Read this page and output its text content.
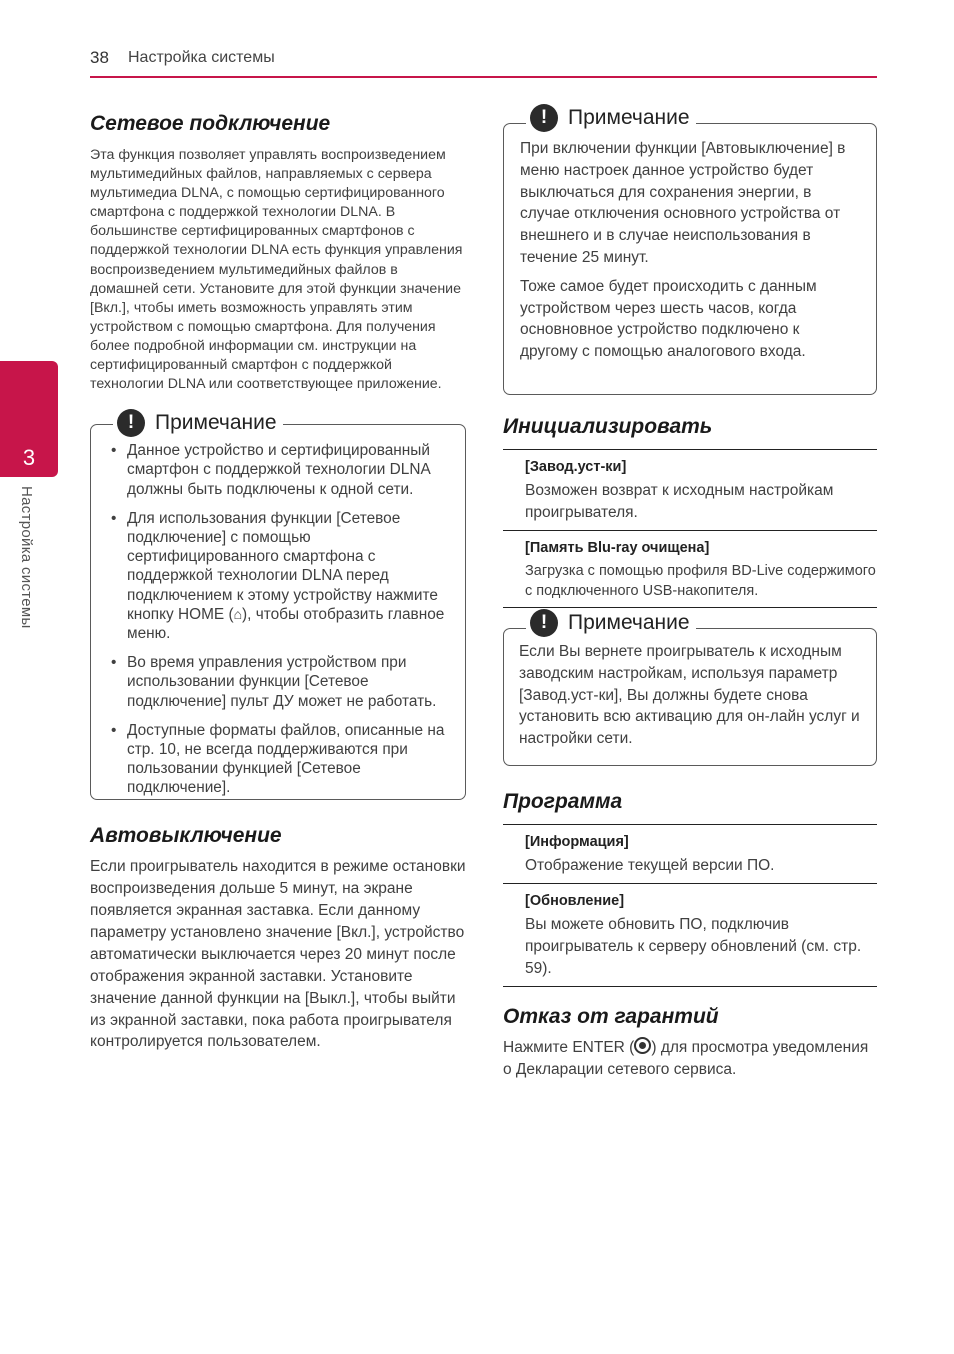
38 Настройка системы
3
Настройка системы
Сетевое подключение

Эта функция позволяет управлять воспроизведением мультимедийных файлов, направляемых с сервера мультимедиа DLNA, с помощью сертифицированного смартфона с поддержкой технологии DLNA. В большинстве сертифицированных смартфонов с поддержкой технологии DLNA есть функция управления воспроизведением мультимедийных файлов в домашней сети. Установите для этой функции значение [Вкл.], чтобы иметь возможность управлять этим устройством с помощью смартфона. Для получения более подробной информации см. инструкции на сертифицированный смартфон с поддержкой технологии DLNA или соответствующее приложение.

! Примечание
• Данное устройство и сертифицированный смартфон с поддержкой технологии DLNA должны быть подключены к одной сети.
• Для использования функции [Сетевое подключение] с помощью сертифицированного смартфона с поддержкой технологии DLNA перед подключением к этому устройству нажмите кнопку HOME (⌂), чтобы отобразить главное меню.
• Во время управления устройством при использовании функции [Сетевое подключение] пульт ДУ может не работать.
• Доступные форматы файлов, описанные на стр. 10, не всегда поддерживаются при пользовании функцией [Сетевое подключение].
Автовыключение

Если проигрыватель находится в режиме остановки воспроизведения дольше 5 минут, на экране появляется экранная заставка. Если данному параметру установлено значение [Вкл.], устройство автоматически выключается через 20 минут после отображения экранной заставки. Установите значение данной функции на [Выкл.], чтобы выйти из экранной заставки, пока работа проигрывателя контролируется пользователем.

! Примечание

При включении функции [Автовыключение] в меню настроек данное устройство будет выключаться для сохранения энергии, в случае отключения основного устройства от внешнего и в случае неиспользования в течение 25 минут.

Тоже самое будет происходить с данным устройством через шесть часов, когда основновное устройство подключено к другому с помощью аналогового входа.

Инициализировать
[Завод.уст-ки]
Возможен возврат к исходным настройкам проигрывателя.
[Память Blu-ray очищена]
Загрузка с помощью профиля BD-Live содержимого с подключенного USB-накопителя.
! Примечание

Если Вы вернете проигрыватель к исходным заводским настройкам, используя параметр [Завод.уст-ки], Вы должны будете снова установить всю активацию для он-лайн услуг и настройки сети.

Программа
[Информация]
Отображение текущей версии ПО.
[Обновление]
Вы можете обновить ПО, подключив проигрыватель к серверу обновлений (см. стр. 59).
Отказ от гарантий

Нажмите ENTER ( ) для просмотра уведомления о Декларации сетевого сервиса.
